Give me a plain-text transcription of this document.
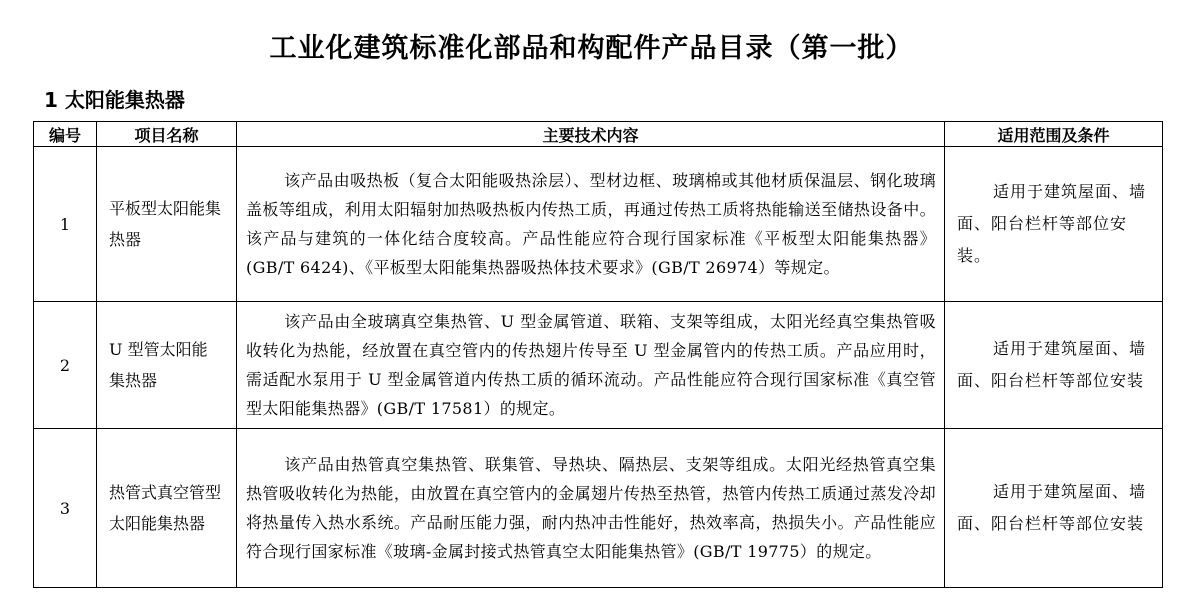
工业化建筑标准化部品和构配件产品目录（第一批）
1 太阳能集热器
编号	项目名称	主要技术内容	适用范围及条件
1	平板型太阳能集热器	该产品由吸热板（复合太阳能吸热涂层）、型材边框、玻璃棉或其他材质保温层、钢化玻璃盖板等组成，利用太阳辐射加热吸热板内传热工质，再通过传热工质将热能输送至储热设备中。该产品与建筑的一体化结合度较高。产品性能应符合现行国家标准《平板型太阳能集热器》(GB/T 6424)、《平板型太阳能集热器吸热体技术要求》(GB/T 26974）等规定。	适用于建筑屋面、墙面、阳台栏杆等部位安装。
2	U 型管太阳能集热器	该产品由全玻璃真空集热管、U 型金属管道、联箱、支架等组成，太阳光经真空集热管吸收转化为热能，经放置在真空管内的传热翅片传导至 U 型金属管内的传热工质。产品应用时，需适配水泵用于 U 型金属管道内传热工质的循环流动。产品性能应符合现行国家标准《真空管型太阳能集热器》(GB/T 17581）的规定。	适用于建筑屋面、墙面、阳台栏杆等部位安装
3	热管式真空管型太阳能集热器	该产品由热管真空集热管、联集管、导热块、隔热层、支架等组成。太阳光经热管真空集热管吸收转化为热能，由放置在真空管内的金属翅片传热至热管，热管内传热工质通过蒸发冷却将热量传入热水系统。产品耐压能力强，耐内热冲击性能好，热效率高，热损失小。产品性能应符合现行国家标准《玻璃-金属封接式热管真空太阳能集热管》(GB/T 19775）的规定。	适用于建筑屋面、墙面、阳台栏杆等部位安装
